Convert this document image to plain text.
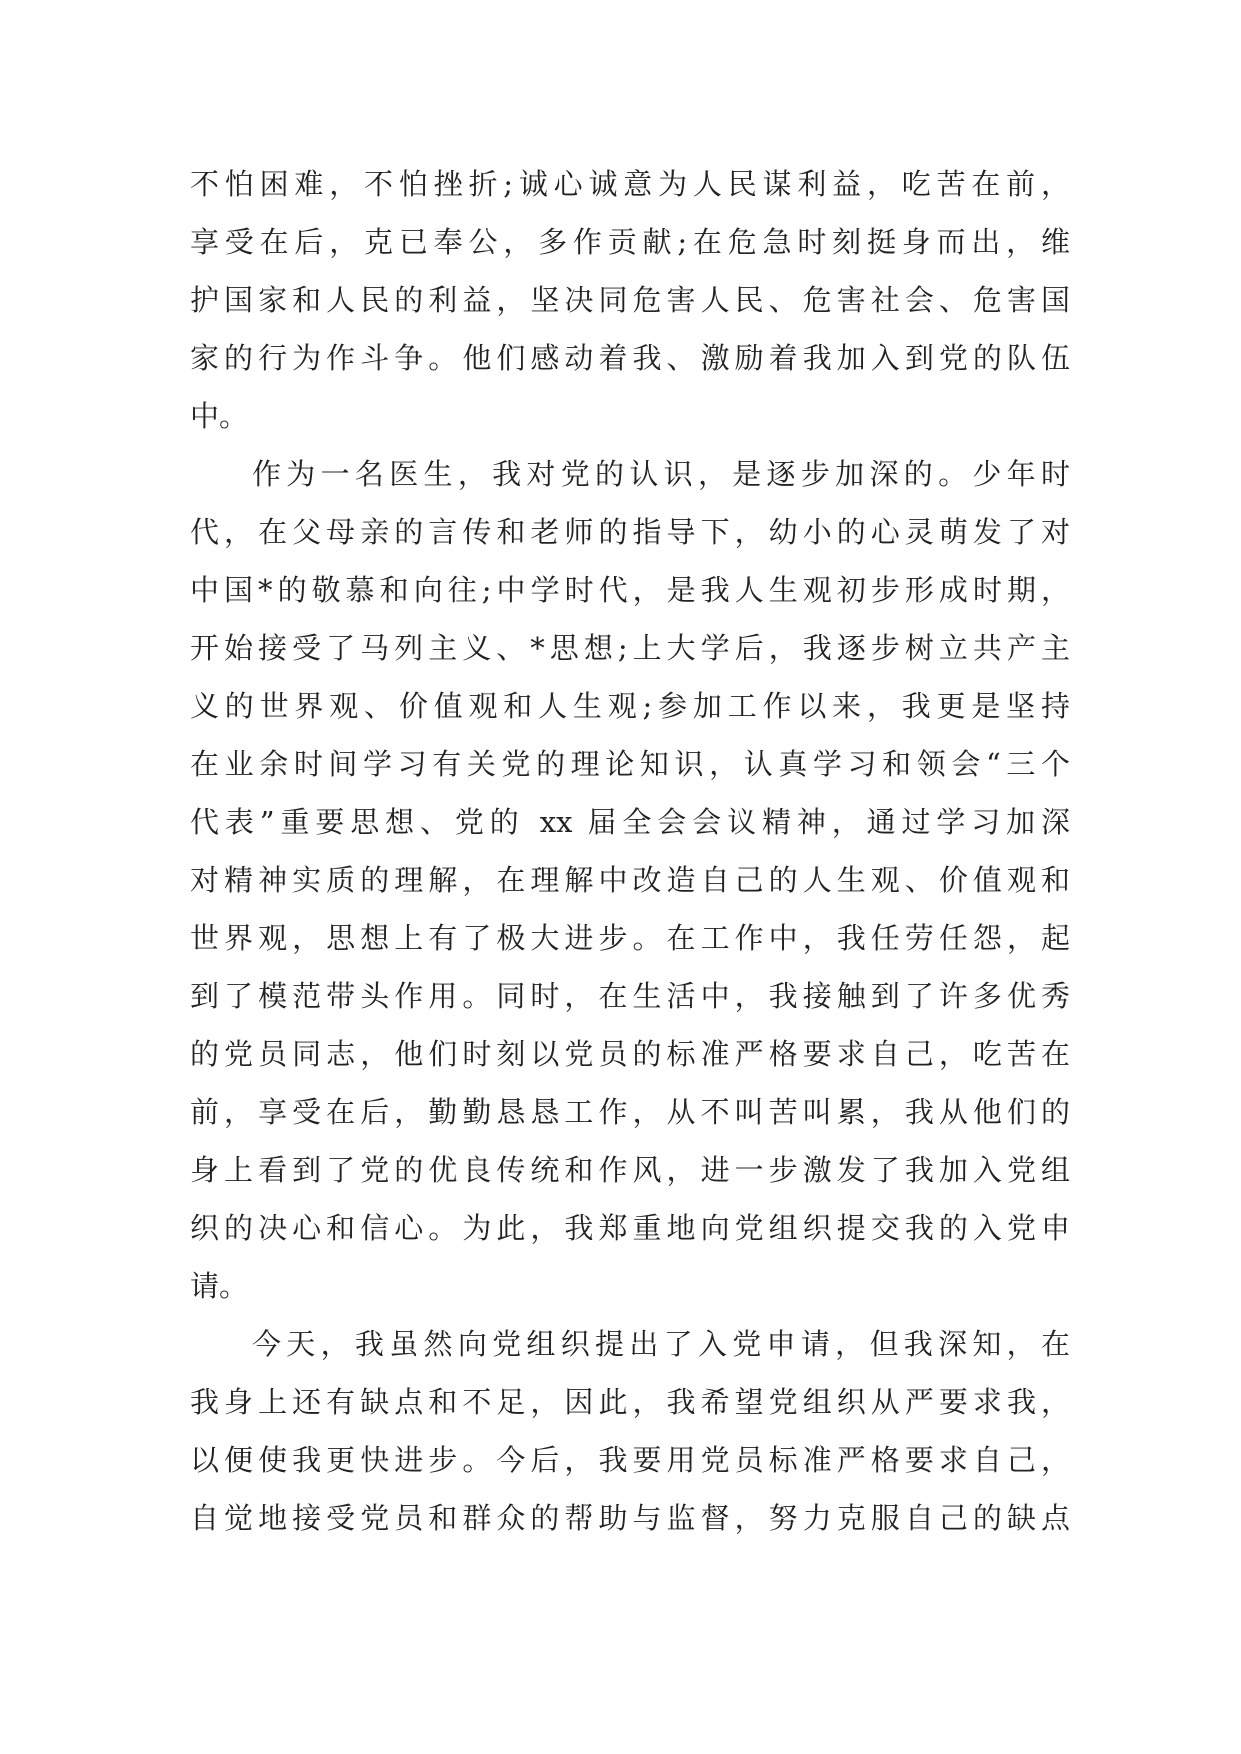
不怕困难，不怕挫折;诚心诚意为人民谋利益，吃苦在前，
享受在后，克已奉公，多作贡献;在危急时刻挺身而出，维
护国家和人民的利益，坚决同危害人民、危害社会、危害国
家的行为作斗争。他们感动着我、激励着我加入到党的队伍
中。
作为一名医生，我对党的认识，是逐步加深的。少年时
代，在父母亲的言传和老师的指导下，幼小的心灵萌发了对
中国*的敬慕和向往;中学时代，是我人生观初步形成时期，
开始接受了马列主义、*思想;上大学后，我逐步树立共产主
义的世界观、价值观和人生观;参加工作以来，我更是坚持
在业余时间学习有关党的理论知识，认真学习和领会“三个
代表”重要思想、党的 xx 届全会会议精神，通过学习加深
对精神实质的理解，在理解中改造自己的人生观、价值观和
世界观，思想上有了极大进步。在工作中，我任劳任怨，起
到了模范带头作用。同时，在生活中，我接触到了许多优秀
的党员同志，他们时刻以党员的标准严格要求自己，吃苦在
前，享受在后，勤勤恳恳工作，从不叫苦叫累，我从他们的
身上看到了党的优良传统和作风，进一步激发了我加入党组
织的决心和信心。为此，我郑重地向党组织提交我的入党申
请。
今天，我虽然向党组织提出了入党申请，但我深知，在
我身上还有缺点和不足，因此，我希望党组织从严要求我，
以便使我更快进步。今后，我要用党员标准严格要求自己，
自觉地接受党员和群众的帮助与监督，努力克服自己的缺点
